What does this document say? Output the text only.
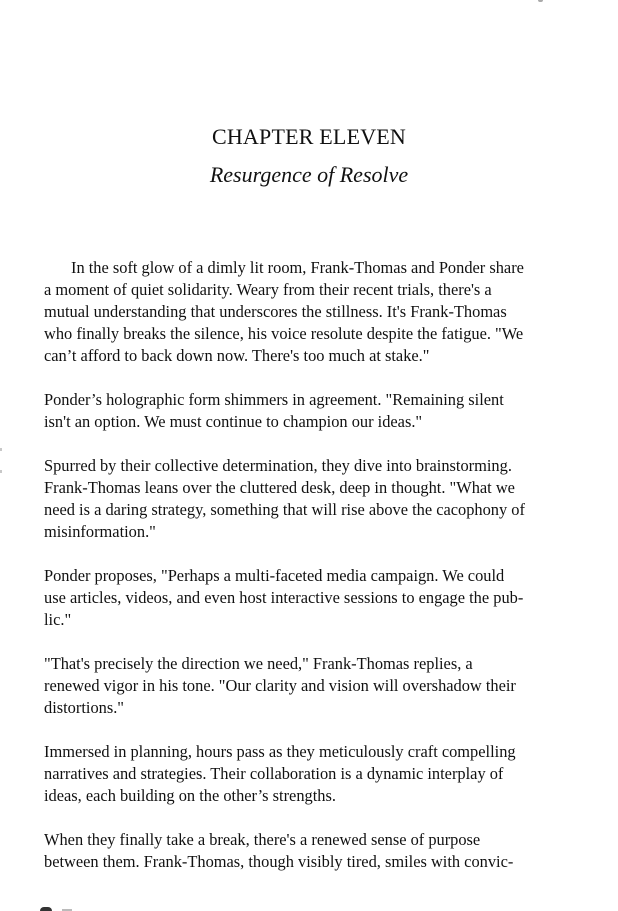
CHAPTER ELEVEN
Resurgence of Resolve

In the soft glow of a dimly lit room, Frank-Thomas and Ponder share
a moment of quiet solidarity. Weary from their recent trials, there's a
mutual understanding that underscores the stillness. It's Frank-Thomas
who finally breaks the silence, his voice resolute despite the fatigue. "We
can’t afford to back down now. There's too much at stake."

Ponder’s holographic form shimmers in agreement. "Remaining silent
isn't an option. We must continue to champion our ideas."

Spurred by their collective determination, they dive into brainstorming.
Frank-Thomas leans over the cluttered desk, deep in thought. "What we
need is a daring strategy, something that will rise above the cacophony of
misinformation."

Ponder proposes, "Perhaps a multi-faceted media campaign. We could
use articles, videos, and even host interactive sessions to engage the pub-
lic."

"That's precisely the direction we need," Frank-Thomas replies, a
renewed vigor in his tone. "Our clarity and vision will overshadow their
distortions."

Immersed in planning, hours pass as they meticulously craft compelling
narratives and strategies. Their collaboration is a dynamic interplay of
ideas, each building on the other’s strengths.

When they finally take a break, there's a renewed sense of purpose
between them. Frank-Thomas, though visibly tired, smiles with convic-
